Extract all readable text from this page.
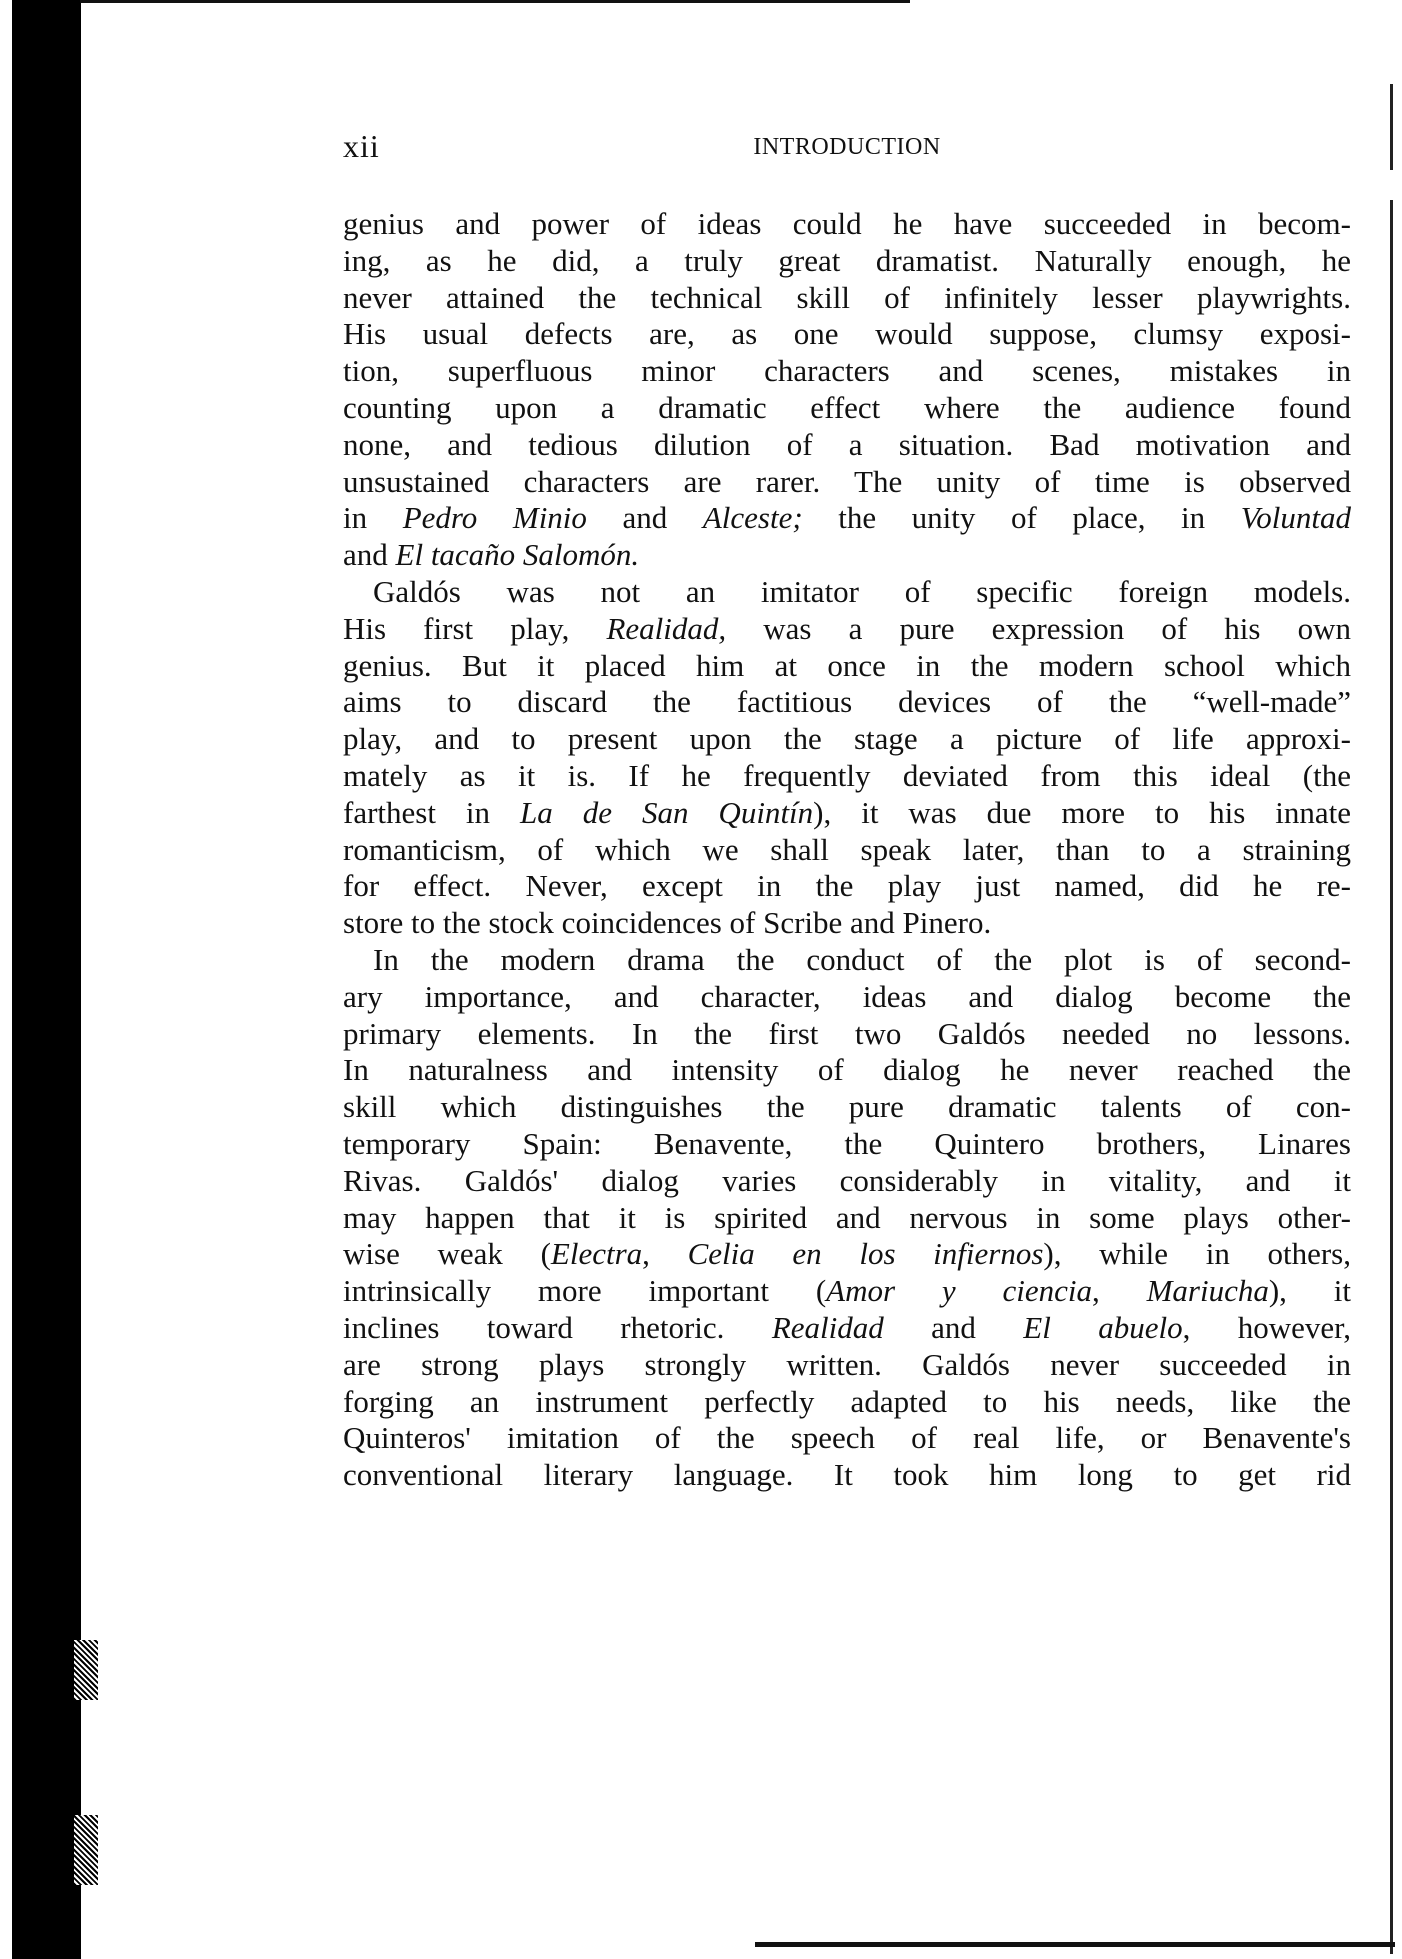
xii	INTRODUCTION
genius and power of ideas could he have succeeded in becom-
ing, as he did, a truly great dramatist. Naturally enough, he
never attained the technical skill of infinitely lesser playwrights.
His usual defects are, as one would suppose, clumsy exposi-
tion, superfluous minor characters and scenes, mistakes in
counting upon a dramatic effect where the audience found
none, and tedious dilution of a situation. Bad motivation and
unsustained characters are rarer. The unity of time is observed
in Pedro Minio and Alceste; the unity of place, in Voluntad
and El tacaño Salomón.
Galdós was not an imitator of specific foreign models.
His first play, Realidad, was a pure expression of his own
genius. But it placed him at once in the modern school which
aims to discard the factitious devices of the “well-made”
play, and to present upon the stage a picture of life approxi-
mately as it is. If he frequently deviated from this ideal (the
farthest in La de San Quintín), it was due more to his innate
romanticism, of which we shall speak later, than to a straining
for effect. Never, except in the play just named, did he re-
store to the stock coincidences of Scribe and Pinero.
In the modern drama the conduct of the plot is of second-
ary importance, and character, ideas and dialog become the
primary elements. In the first two Galdós needed no lessons.
In naturalness and intensity of dialog he never reached the
skill which distinguishes the pure dramatic talents of con-
temporary Spain: Benavente, the Quintero brothers, Linares
Rivas. Galdós' dialog varies considerably in vitality, and it
may happen that it is spirited and nervous in some plays other-
wise weak (Electra, Celia en los infiernos), while in others,
intrinsically more important (Amor y ciencia, Mariucha), it
inclines toward rhetoric. Realidad and El abuelo, however,
are strong plays strongly written. Galdós never succeeded in
forging an instrument perfectly adapted to his needs, like the
Quinteros' imitation of the speech of real life, or Benavente's
conventional literary language. It took him long to get rid
